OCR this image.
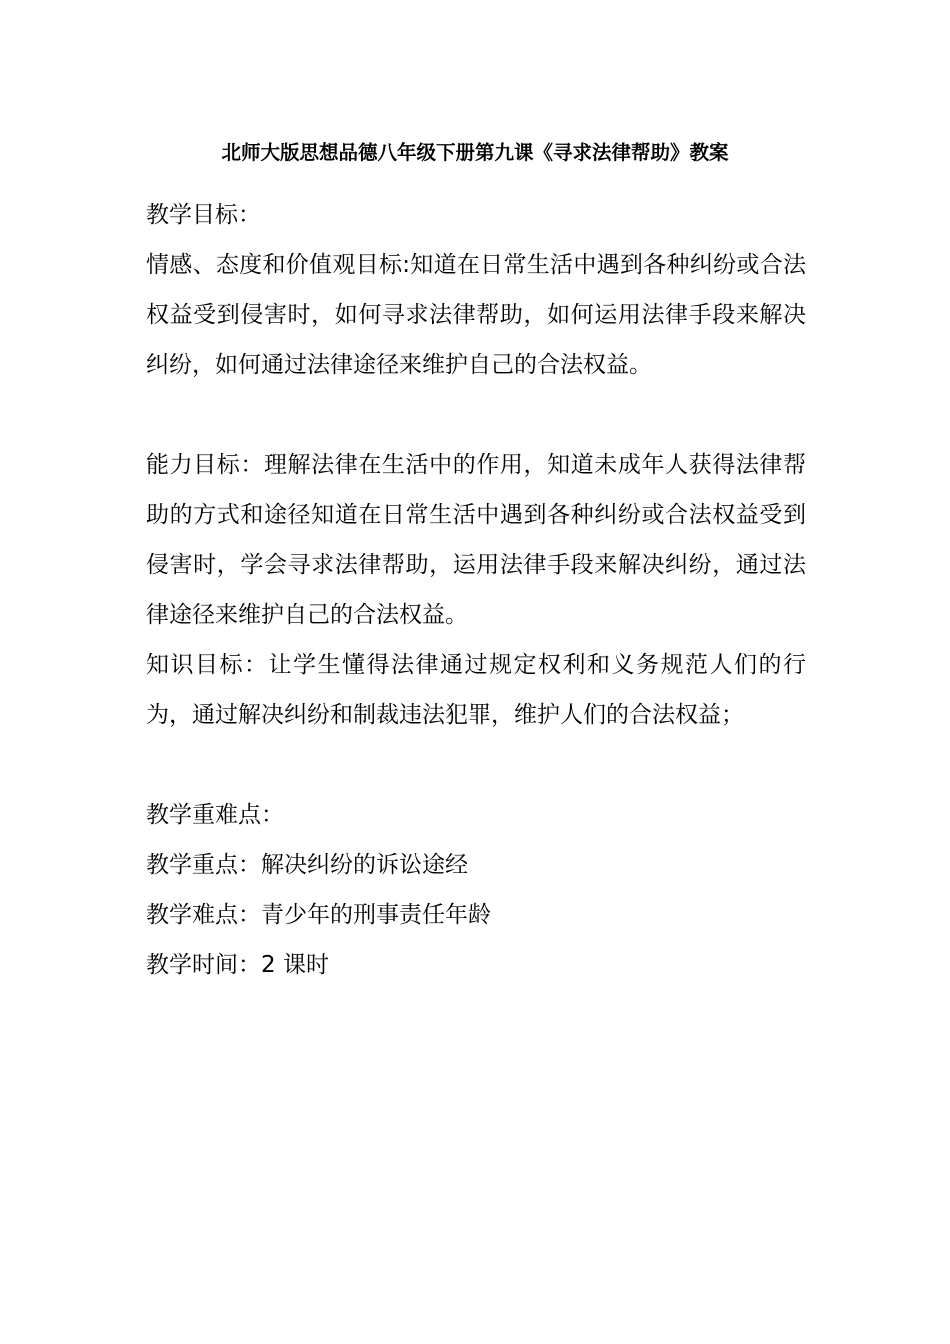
北师大版思想品德八年级下册第九课《寻求法律帮助》教案

教学目标：

情感、态度和价值观目标:知道在日常生活中遇到各种纠纷或合法权益受到侵害时，如何寻求法律帮助，如何运用法律手段来解决纠纷，如何通过法律途径来维护自己的合法权益。

能力目标：理解法律在生活中的作用，知道未成年人获得法律帮助的方式和途径知道在日常生活中遇到各种纠纷或合法权益受到侵害时，学会寻求法律帮助，运用法律手段来解决纠纷，通过法律途径来维护自己的合法权益。

知识目标：让学生懂得法律通过规定权利和义务规范人们的行为，通过解决纠纷和制裁违法犯罪，维护人们的合法权益；

教学重难点：

教学重点：解决纠纷的诉讼途经

教学难点：青少年的刑事责任年龄

教学时间：2 课时
